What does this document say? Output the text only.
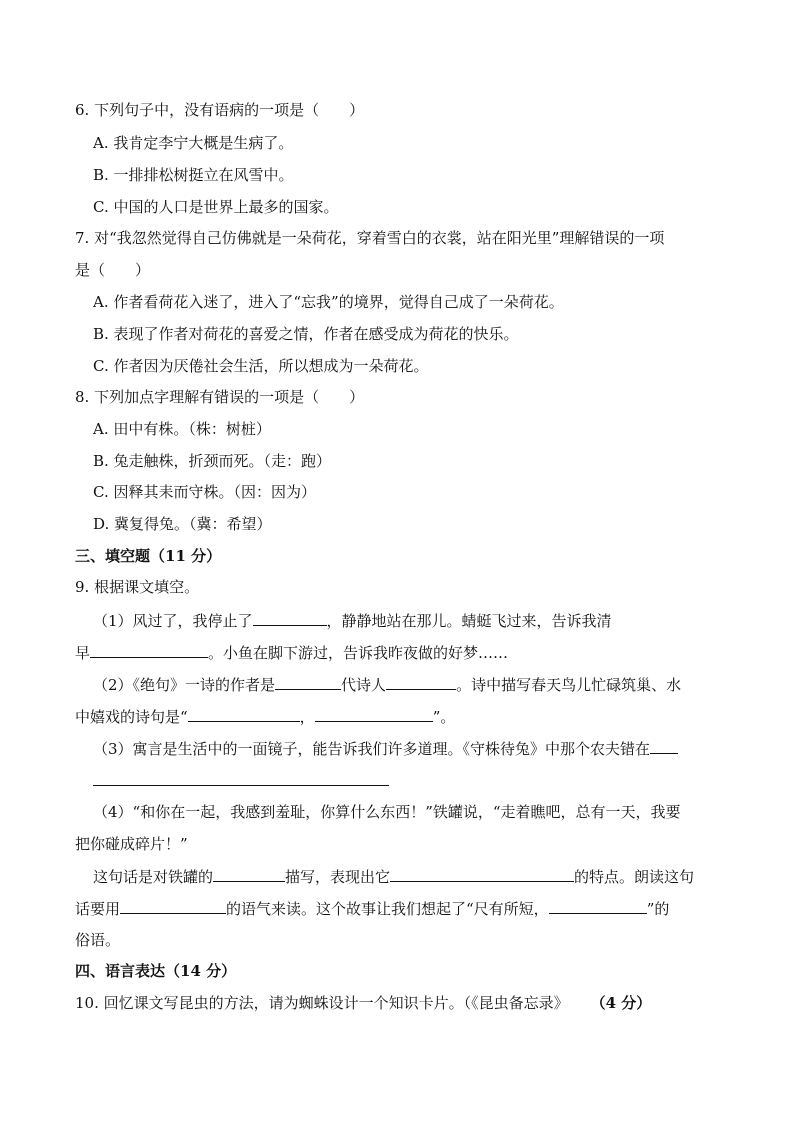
6. 下列句子中，没有语病的一项是（　　）
A. 我肯定李宁大概是生病了。
B. 一排排松树挺立在风雪中。
C. 中国的人口是世界上最多的国家。
7. 对“我忽然觉得自己仿佛就是一朵荷花，穿着雪白的衣裳，站在阳光里”理解错误的一项
是（　　）
A. 作者看荷花入迷了，进入了“忘我”的境界，觉得自己成了一朵荷花。
B. 表现了作者对荷花的喜爱之情，作者在感受成为荷花的快乐。
C. 作者因为厌倦社会生活，所以想成为一朵荷花。
8. 下列加点字理解有错误的一项是（　　）
A. 田中有株。（株：树桩）
B. 兔走触株，折颈而死。（走：跑）
C. 因释其耒而守株。（因：因为）
D. 冀复得兔。（冀：希望）
三、填空题（11 分）
9. 根据课文填空。
（1）风过了，我停止了	，静静地站在那儿。蜻蜓飞过来，告诉我清
早	。小鱼在脚下游过，告诉我昨夜做的好梦……
（2）《绝句》一诗的作者是	代诗人	。诗中描写春天鸟儿忙碌筑巢、水
中嬉戏的诗句是“	，	”。
（3）寓言是生活中的一面镜子，能告诉我们许多道理。《守株待兔》中那个农夫错在
（4）“和你在一起，我感到羞耻，你算什么东西！”铁罐说，“走着瞧吧，总有一天，我要
把你碰成碎片！”
这句话是对铁罐的	描写，表现出它	的特点。朗读这句
话要用	的语气来读。这个故事让我们想起了“尺有所短，	”的
俗语。
四、语言表达（14 分）
10. 回忆课文写昆虫的方法，请为蜘蛛设计一个知识卡片。（《昆虫备忘录》 （4 分）
